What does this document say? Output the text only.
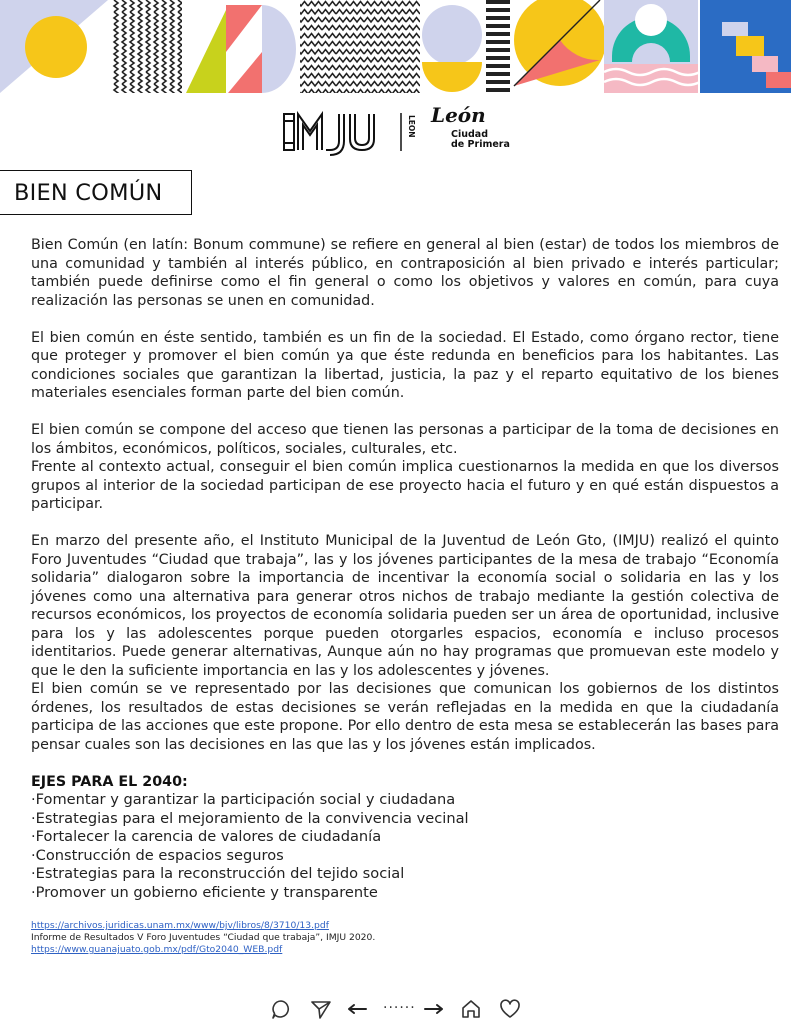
LEON León
Ciudad
de Primera
BIEN COMÚN

Bien Común (en latín: Bonum commune) se refiere en general al bien (estar) de todos los miembros de una comunidad y también al interés público, en contraposición al bien privado e interés particular; también puede definirse como el fin general o como los objetivos y valores en común, para cuya realización las personas se unen en comunidad.

El bien común en éste sentido, también es un fin de la sociedad. El Estado, como órgano rector, tiene que proteger y promover el bien común ya que éste redunda en beneficios para los habitantes. Las condiciones sociales que garantizan la libertad, justicia, la paz y el reparto equitativo de los bienes materiales esenciales forman parte del bien común.

El bien común se compone del acceso que tienen las personas a participar de la toma de decisiones en los ámbitos, económicos, políticos, sociales, culturales, etc.

Frente al contexto actual, conseguir el bien común implica cuestionarnos la medida en que los diversos grupos al interior de la sociedad participan de ese proyecto hacia el futuro y en qué están dispuestos a participar.

En marzo del presente año, el Instituto Municipal de la Juventud de León Gto, (IMJU) realizó el quinto Foro Juventudes “Ciudad que trabaja”, las y los jóvenes participantes de la mesa de trabajo “Economía solidaria” dialogaron sobre la importancia de incentivar la economía social o solidaria en las y los jóvenes como una alternativa para generar otros nichos de trabajo mediante la gestión colectiva de recursos económicos, los proyectos de economía solidaria pueden ser un área de oportunidad, inclusive para los y las adolescentes porque pueden otorgarles espacios, economía e incluso procesos identitarios. Puede generar alternativas, Aunque aún no hay programas que promuevan este modelo y que le den la suficiente importancia en las y los adolescentes y jóvenes.

El bien común se ve representado por las decisiones que comunican los gobiernos de los distintos órdenes, los resultados de estas decisiones se verán reflejadas en la medida en que la ciudadanía participa de las acciones que este propone. Por ello dentro de esta mesa se establecerán las bases para pensar cuales son las decisiones en las que las y los jóvenes están implicados.

EJES PARA EL 2040:
·Fomentar y garantizar la participación social y ciudadana
·Estrategias para el mejoramiento de la convivencia vecinal
·Fortalecer la carencia de valores de ciudadanía
·Construcción de espacios seguros
·Estrategias para la reconstrucción del tejido social
·Promover un gobierno eficiente y transparente
https://archivos.juridicas.unam.mx/www/bjv/libros/8/3710/13.pdf
Informe de Resultados V Foro Juventudes “Ciudad que trabaja”, IMJU 2020.
https://www.guanajuato.gob.mx/pdf/Gto2040_WEB.pdf
······
